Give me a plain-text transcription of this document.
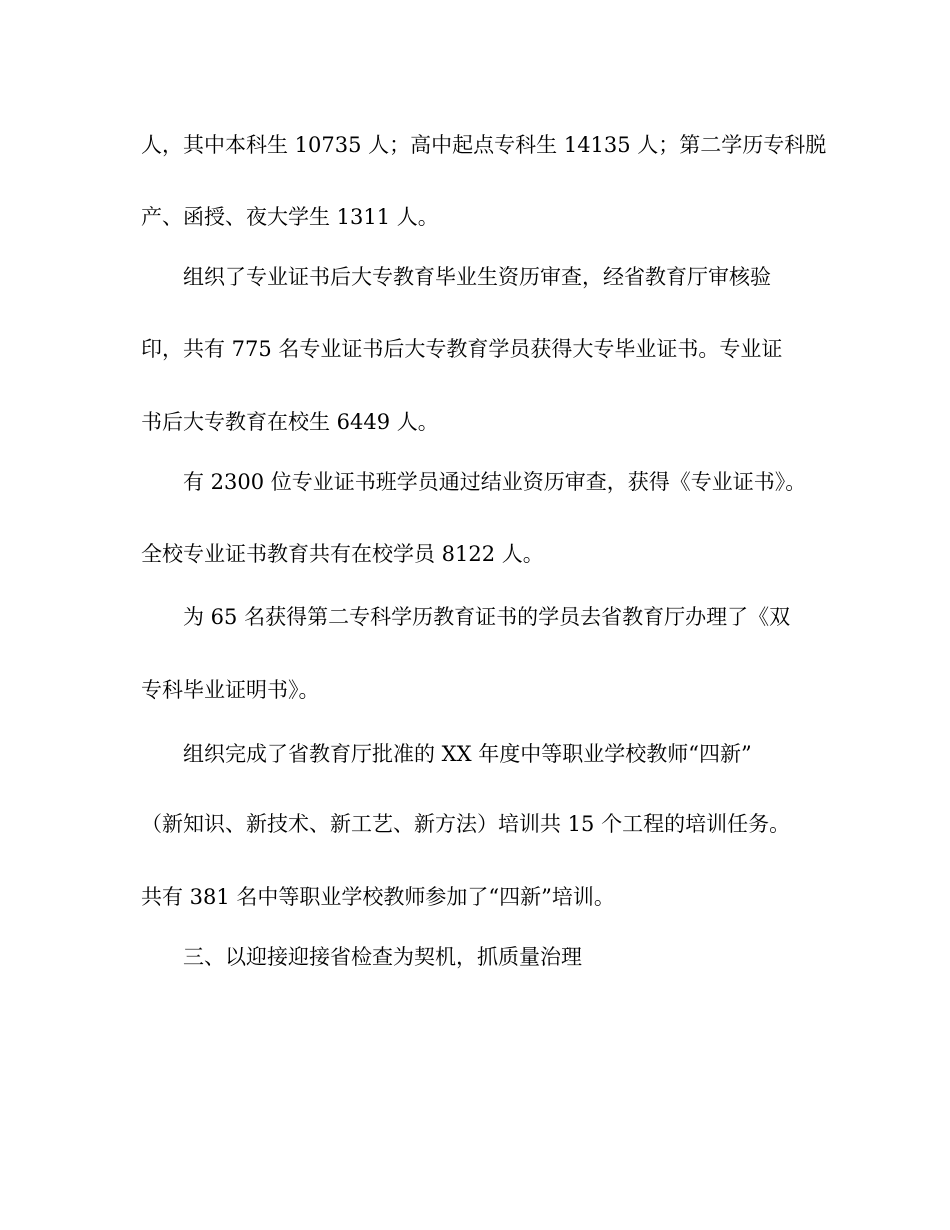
人，其中本科生 10735 人；高中起点专科生 14135 人；第二学历专科脱
产、函授、夜大学生 1311 人。
组织了专业证书后大专教育毕业生资历审查，经省教育厅审核验
印，共有 775 名专业证书后大专教育学员获得大专毕业证书。专业证
书后大专教育在校生 6449 人。
有 2300 位专业证书班学员通过结业资历审查，获得《专业证书》。
全校专业证书教育共有在校学员 8122 人。
为 65 名获得第二专科学历教育证书的学员去省教育厅办理了《双
专科毕业证明书》。
组织完成了省教育厅批准的 XX 年度中等职业学校教师“四新”
（新知识、新技术、新工艺、新方法）培训共 15 个工程的培训任务。
共有 381 名中等职业学校教师参加了“四新”培训。
三、以迎接迎接省检查为契机，抓质量治理
